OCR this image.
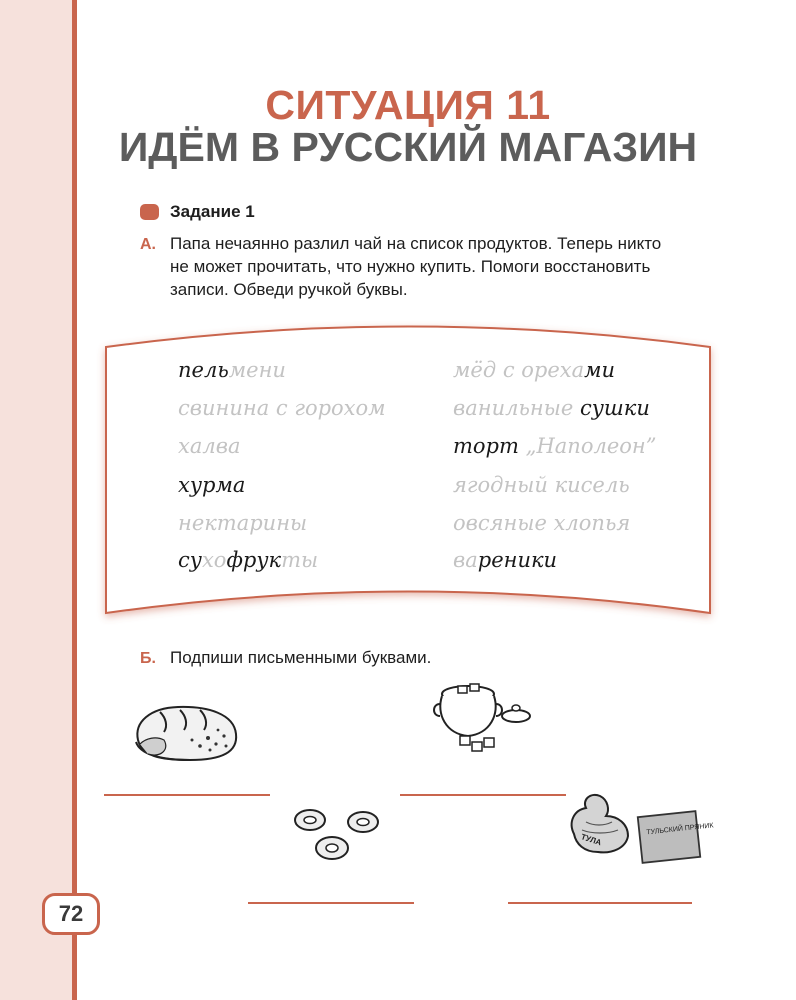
72
СИТУАЦИЯ 11
ИДЁМ В РУССКИЙ МАГАЗИН
Задание 1
А. Папа нечаянно разлил чай на список продуктов. Теперь никто
не может прочитать, что нужно купить. Помоги восстановить
записи. Обведи ручкой буквы.
пельмени
свинина с горохом
халва
хурма
нектарины
сухофрукты
мёд с орехами
ванильные сушки
торт „Наполеон”
ягодный кисель
овсяные хлопья
вареники
Б. Подпиши письменными буквами.
ТУЛА
ТУЛЬСКИЙ ПРЯНИК
